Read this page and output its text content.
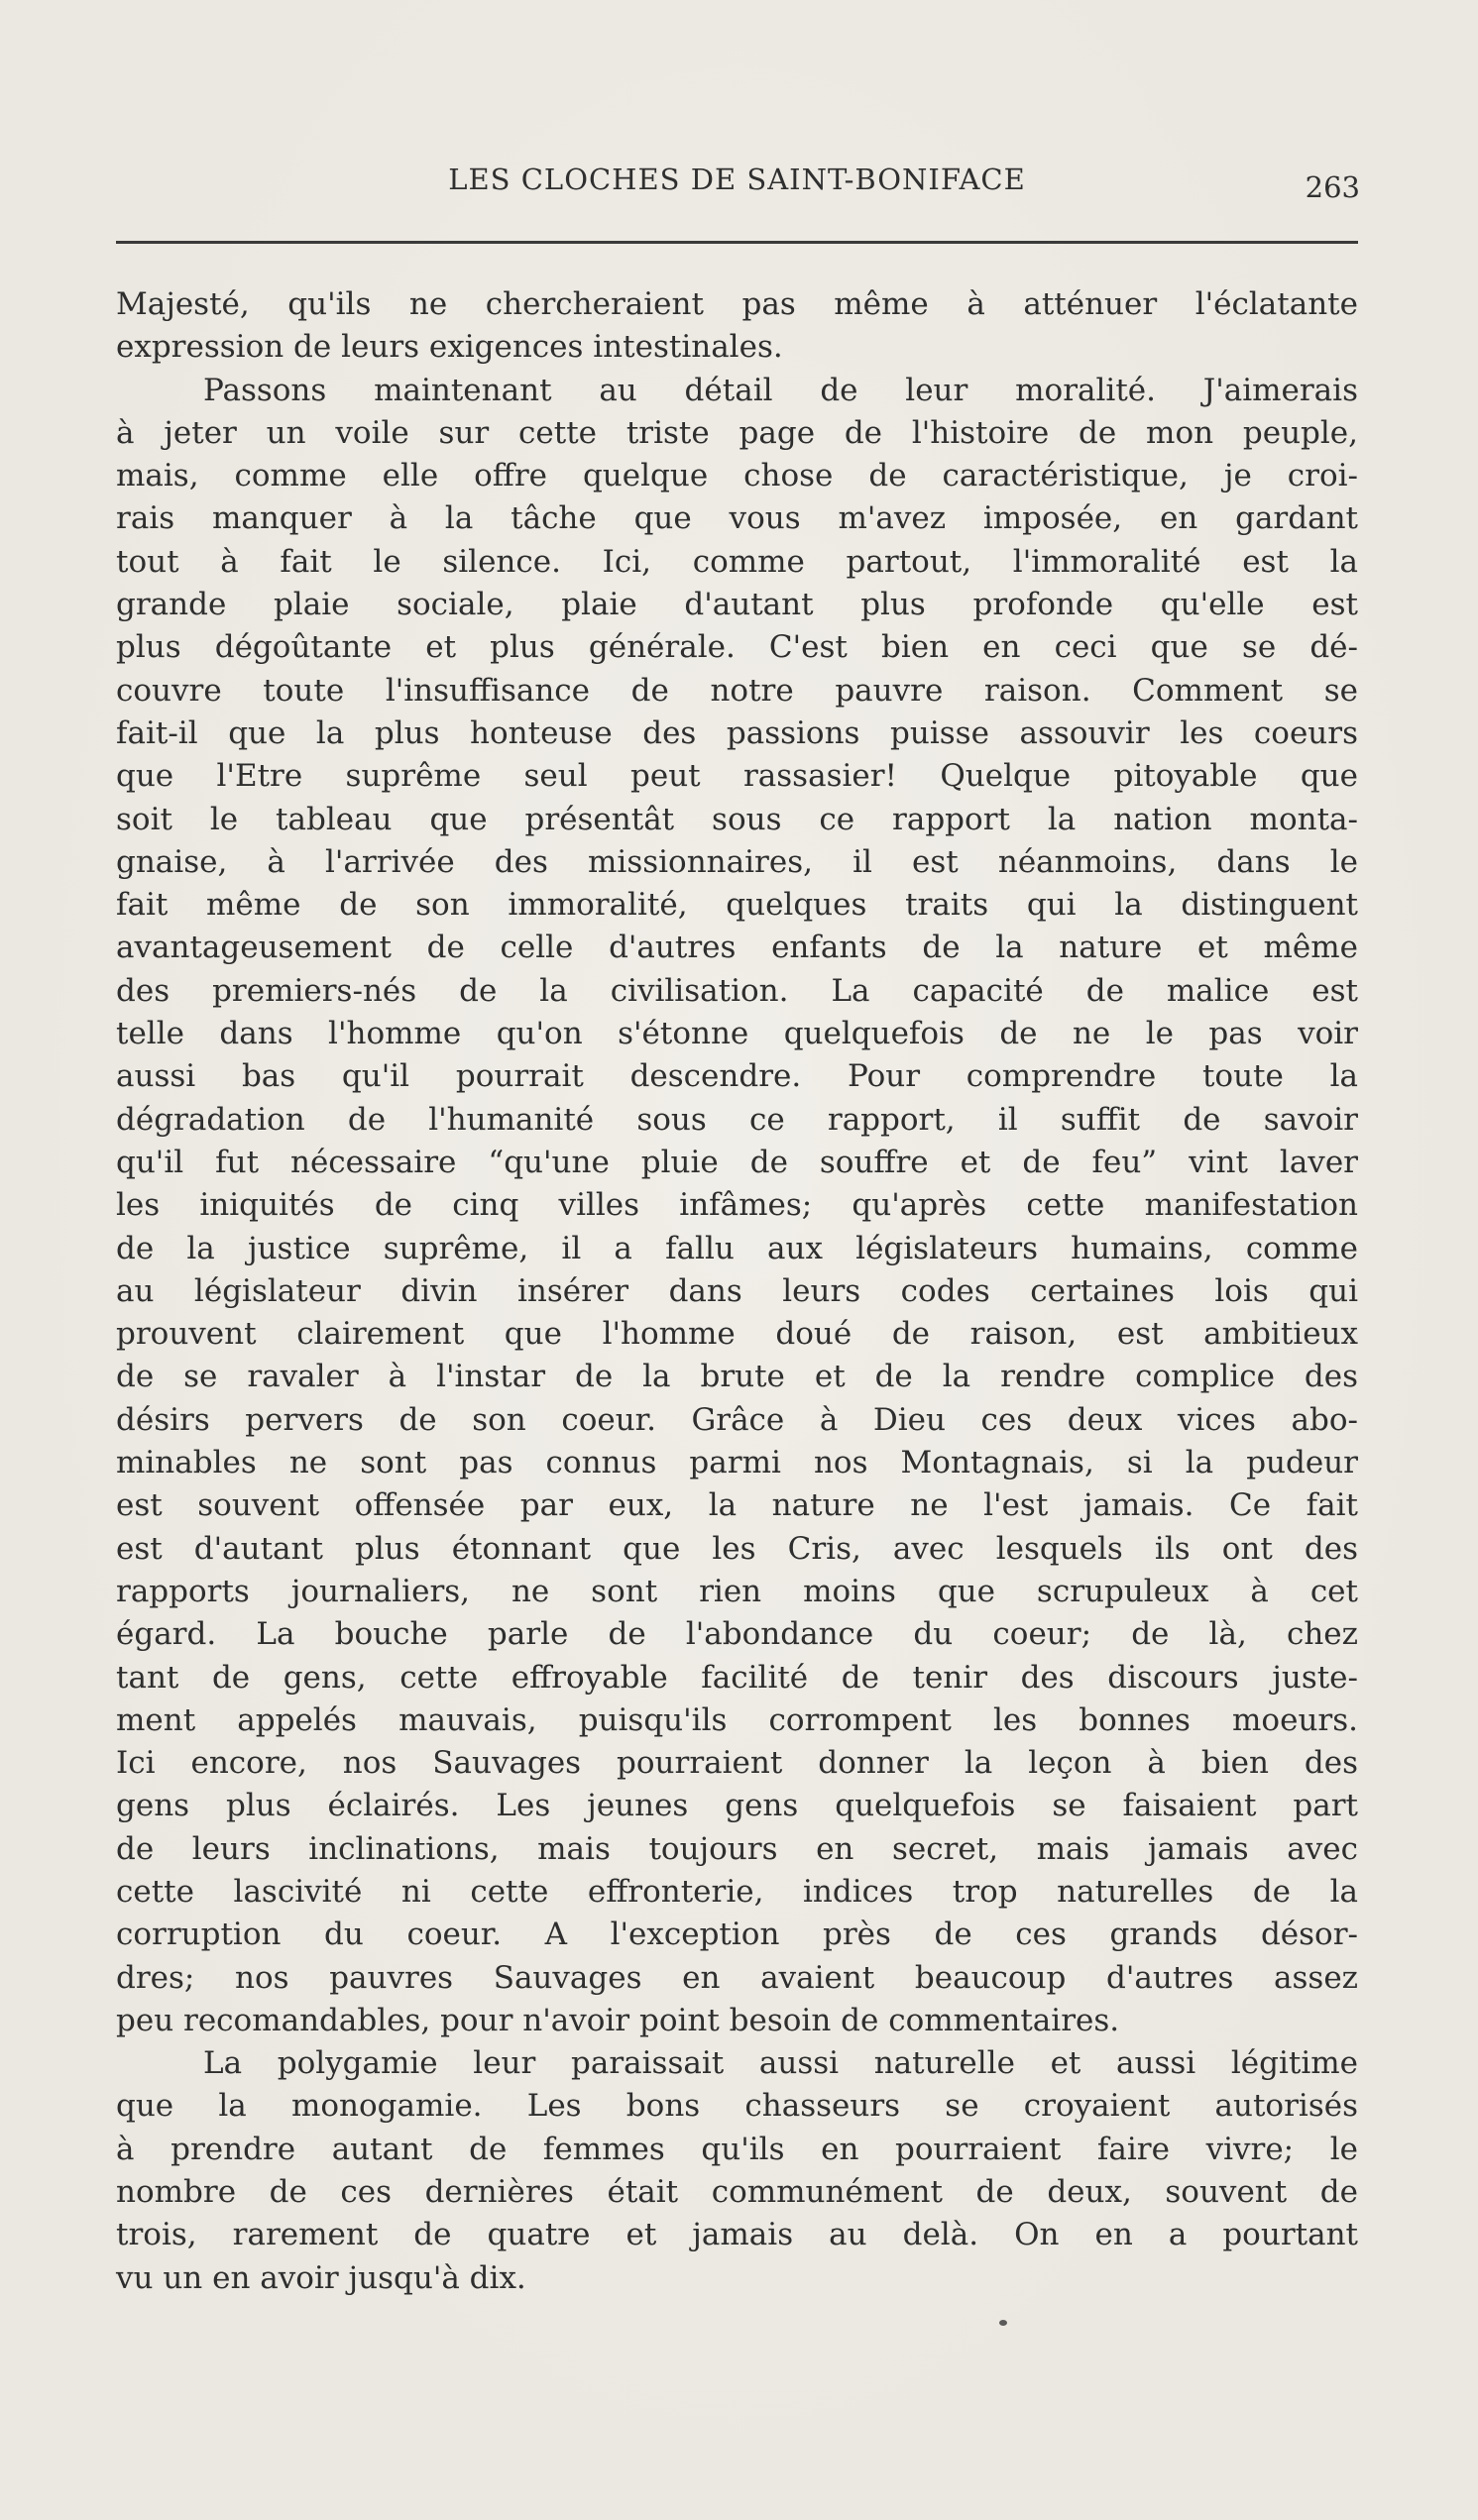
LES CLOCHES DE SAINT-BONIFACE	263
Majesté, qu'ils ne chercheraient pas même à atténuer l'éclatante
expression de leurs exigences intestinales.
Passons maintenant au détail de leur moralité. J'aimerais
à jeter un voile sur cette triste page de l'histoire de mon peuple,
mais, comme elle offre quelque chose de caractéristique, je croi-
rais manquer à la tâche que vous m'avez imposée, en gardant
tout à fait le silence. Ici, comme partout, l'immoralité est la
grande plaie sociale, plaie d'autant plus profonde qu'elle est
plus dégoûtante et plus générale. C'est bien en ceci que se dé-
couvre toute l'insuffisance de notre pauvre raison. Comment se
fait-il que la plus honteuse des passions puisse assouvir les coeurs
que l'Etre suprême seul peut rassasier! Quelque pitoyable que
soit le tableau que présentât sous ce rapport la nation monta-
gnaise, à l'arrivée des missionnaires, il est néanmoins, dans le
fait même de son immoralité, quelques traits qui la distinguent
avantageusement de celle d'autres enfants de la nature et même
des premiers-nés de la civilisation. La capacité de malice est
telle dans l'homme qu'on s'étonne quelquefois de ne le pas voir
aussi bas qu'il pourrait descendre. Pour comprendre toute la
dégradation de l'humanité sous ce rapport, il suffit de savoir
qu'il fut nécessaire “qu'une pluie de souffre et de feu” vint laver
les iniquités de cinq villes infâmes; qu'après cette manifestation
de la justice suprême, il a fallu aux législateurs humains, comme
au législateur divin insérer dans leurs codes certaines lois qui
prouvent clairement que l'homme doué de raison, est ambitieux
de se ravaler à l'instar de la brute et de la rendre complice des
désirs pervers de son coeur. Grâce à Dieu ces deux vices abo-
minables ne sont pas connus parmi nos Montagnais, si la pudeur
est souvent offensée par eux, la nature ne l'est jamais. Ce fait
est d'autant plus étonnant que les Cris, avec lesquels ils ont des
rapports journaliers, ne sont rien moins que scrupuleux à cet
égard. La bouche parle de l'abondance du coeur; de là, chez
tant de gens, cette effroyable facilité de tenir des discours juste-
ment appelés mauvais, puisqu'ils corrompent les bonnes moeurs.
Ici encore, nos Sauvages pourraient donner la leçon à bien des
gens plus éclairés. Les jeunes gens quelquefois se faisaient part
de leurs inclinations, mais toujours en secret, mais jamais avec
cette lascivité ni cette effronterie, indices trop naturelles de la
corruption du coeur. A l'exception près de ces grands désor-
dres; nos pauvres Sauvages en avaient beaucoup d'autres assez
peu recomandables, pour n'avoir point besoin de commentaires.
La polygamie leur paraissait aussi naturelle et aussi légitime
que la monogamie. Les bons chasseurs se croyaient autorisés
à prendre autant de femmes qu'ils en pourraient faire vivre; le
nombre de ces dernières était communément de deux, souvent de
trois, rarement de quatre et jamais au delà. On en a pourtant
vu un en avoir jusqu'à dix.
